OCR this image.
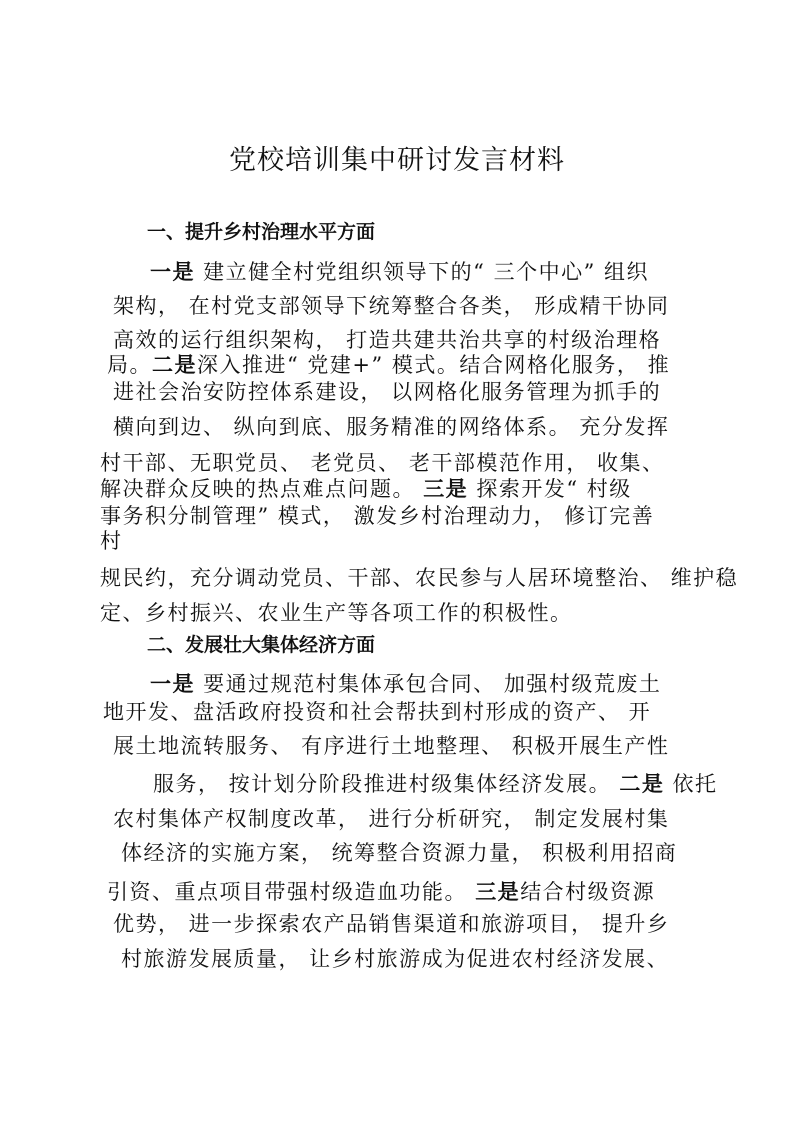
党校培训集中研讨发言材料
一、提升乡村治理水平方面
一是 建立健全村党组织领导下的“ 三个中心” 组织
架构， 在村党支部领导下统筹整合各类， 形成精干协同
高效的运行组织架构， 打造共建共治共享的村级治理格
局。二是深入推进“ 党建+” 模式。结合网格化服务， 推
进社会治安防控体系建设， 以网格化服务管理为抓手的
横向到边、 纵向到底、服务精准的网络体系。 充分发挥
村干部、无职党员、 老党员、 老干部模范作用， 收集、
解决群众反映的热点难点问题。 三是 探索开发“ 村级
事务积分制管理” 模式， 激发乡村治理动力， 修订完善
村
规民约，充分调动党员、干部、农民参与人居环境整治、 维护稳
定、乡村振兴、农业生产等各项工作的积极性。
二、发展壮大集体经济方面
一是 要通过规范村集体承包合同、 加强村级荒废土
地开发、盘活政府投资和社会帮扶到村形成的资产、 开
展土地流转服务、 有序进行土地整理、 积极开展生产性
服务， 按计划分阶段推进村级集体经济发展。 二是 依托
农村集体产权制度改革， 进行分析研究， 制定发展村集
体经济的实施方案， 统筹整合资源力量， 积极利用招商
引资、重点项目带强村级造血功能。 三是结合村级资源
优势， 进一步探索农产品销售渠道和旅游项目， 提升乡
村旅游发展质量， 让乡村旅游成为促进农村经济发展、
